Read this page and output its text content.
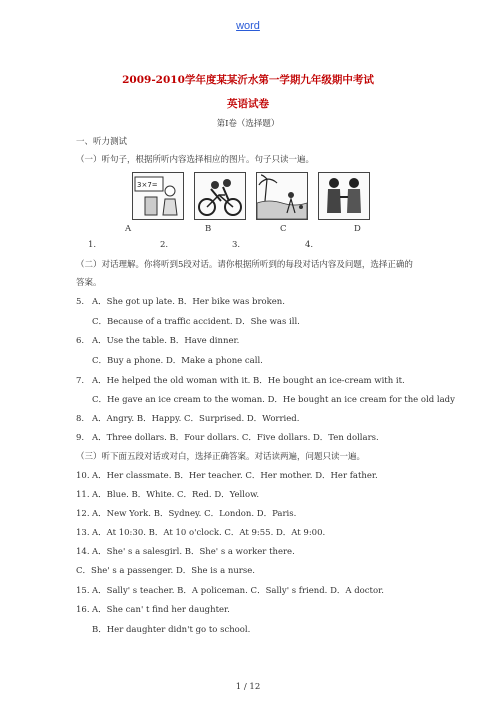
word
2009-2010学年度某某沂水第一学期九年级期中考试
英语试卷
第Ⅰ卷（选择题）
一、听力测试
（一）听句子，根据所听内容选择相应的图片。句子只读一遍。
3×7=
A	B	C	D
1.	2.	3.	4.
（二）对话理解。你将听到5段对话。请你根据所听到的每段对话内容及问题，选择正确的
答案。
5. A．She got up late. B．Her bike was broken.
C．Because of a traffic accident. D．She was ill.
6. A．Use the table. B．Have dinner.
C．Buy a phone. D．Make a phone call.
7. A．He helped the old woman with it. B．He bought an ice-cream with it.
C．He gave an ice cream to the woman. D．He bought an ice cream for the old lady
8. A．Angry. B．Happy. C．Surprised. D．Worried.
9. A．Three dollars. B．Four dollars. C．Five dollars. D．Ten dollars.
（三）听下面五段对话或对白，选择正确答案。对话读两遍，问题只读一遍。
10. A．Her classmate. B．Her teacher. C．Her mother. D．Her father.
11. A．Blue. B．White. C．Red. D．Yellow.
12. A．New York. B．Sydney. C．London. D．Paris.
13. A．At 10:30. B．At 10 o'clock. C．At 9:55. D．At 9:00.
14. A．She' s a salesgirl. B．She' s a worker there.
C．She' s a passenger. D．She is a nurse.
15. A．Sally' s teacher. B．A policeman. C．Sally' s friend. D．A doctor.
16. A．She can' t find her daughter.
B．Her daughter didn't go to school.
1 / 12
